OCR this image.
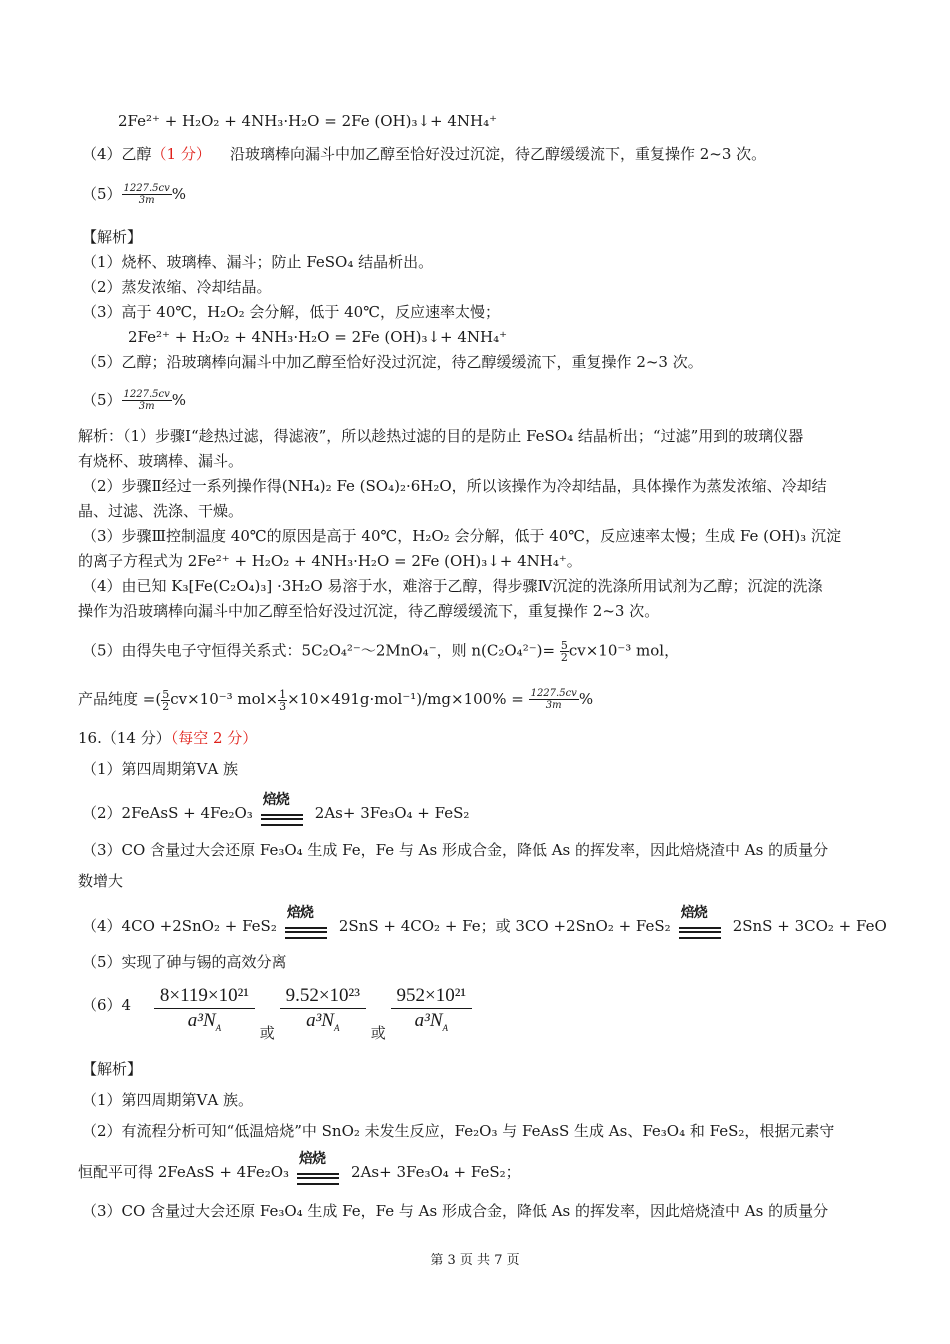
2Fe²⁺ + H₂O₂ + 4NH₃·H₂O = 2Fe (OH)₃↓+ 4NH₄⁺
（4）乙醇（1 分） 沿玻璃棒向漏斗中加乙醇至恰好没过沉淀，待乙醇缓缓流下，重复操作 2~3 次。
$(5) \frac{1227.5cv}{3m}$ %
【解析】
（1）烧杯、玻璃棒、漏斗；防止 FeSO₄ 结晶析出。
（2）蒸发浓缩、冷却结晶。
（3）高于 40℃，H₂O₂ 会分解，低于 40℃，反应速率太慢；
2Fe²⁺ + H₂O₂ + 4NH₃·H₂O = 2Fe (OH)₃↓+ 4NH₄⁺
（5）乙醇；沿玻璃棒向漏斗中加乙醇至恰好没过沉淀，待乙醇缓缓流下，重复操作 2~3 次。
$(5) \frac{1227.5cv}{3m}$ %
解析：（1）步骤Ⅰ“趁热过滤，得滤液”，所以趁热过滤的目的是防止 FeSO₄ 结晶析出；“过滤”用到的玻璃仪器
有烧杯、玻璃棒、漏斗。
（2）步骤Ⅱ经过一系列操作得(NH₄)₂ Fe (SO₄)₂·6H₂O，所以该操作为冷却结晶，具体操作为蒸发浓缩、冷却结
晶、过滤、洗涤、干燥。
（3）步骤Ⅲ控制温度 40℃的原因是高于 40℃，H₂O₂ 会分解，低于 40℃，反应速率太慢；生成 Fe (OH)₃ 沉淀
的离子方程式为 2Fe²⁺ + H₂O₂ + 4NH₃·H₂O = 2Fe (OH)₃↓+ 4NH₄⁺。
（4）由已知 K₃[Fe(C₂O₄)₃] ·3H₂O 易溶于水，难溶于乙醇，得步骤Ⅳ沉淀的洗涤所用试剂为乙醇；沉淀的洗涤
操作为沿玻璃棒向漏斗中加乙醇至恰好没过沉淀，待乙醇缓缓流下，重复操作 2~3 次。
（5）由得失电子守恒得关系式：5C₂O₄²⁻～2MnO₄⁻，则 $n(C_2O_4^{2-})= \frac{5}{2} cv\times 10^{-3}$ mol，
产品纯度 =( $\frac{5}{2} cv\times 10^{-3}$ $mol\times \frac{1}{3} \times 10\times 491g\cdot mol^{-1})/mg\times 100\% = \frac{1227.5cv}{3m}$ %
16.（14 分）（每空 2 分）
（1）第四周期第ⅤA 族
（2）2FeAsS + 4Fe₂O₃
焙烧
2As+ 3Fe₃O₄ + FeS₂
（3）CO 含量过大会还原 Fe₃O₄ 生成 Fe，Fe 与 As 形成合金，降低 As 的挥发率，因此焙烧渣中 As 的质量分
数增大
（4）4CO +2SnO₂ + FeS₂
焙烧
2SnS + 4CO₂ + Fe；或 3CO +2SnO₂ + FeS₂
焙烧
2SnS + 3CO₂ + FeO
（5）实现了砷与锡的高效分离
$(6)4 \frac{\text{8×119×10²¹}}{a^3N_A}$ 或 $\frac{\text{9.52×10²³}}{a^3N_A}$ 或 $\frac{\text{952×10²¹}}{a^3N_A}$
【解析】
（1）第四周期第ⅤA 族。
（2）有流程分析可知“低温焙烧”中 SnO₂ 未发生反应，Fe₂O₃ 与 FeAsS 生成 As、Fe₃O₄ 和 FeS₂，根据元素守
恒配平可得 2FeAsS + 4Fe₂O₃
焙烧
2As+ 3Fe₃O₄ + FeS₂；
（3）CO 含量过大会还原 Fe₃O₄ 生成 Fe，Fe 与 As 形成合金，降低 As 的挥发率，因此焙烧渣中 As 的质量分
第 3 页 共 7 页
